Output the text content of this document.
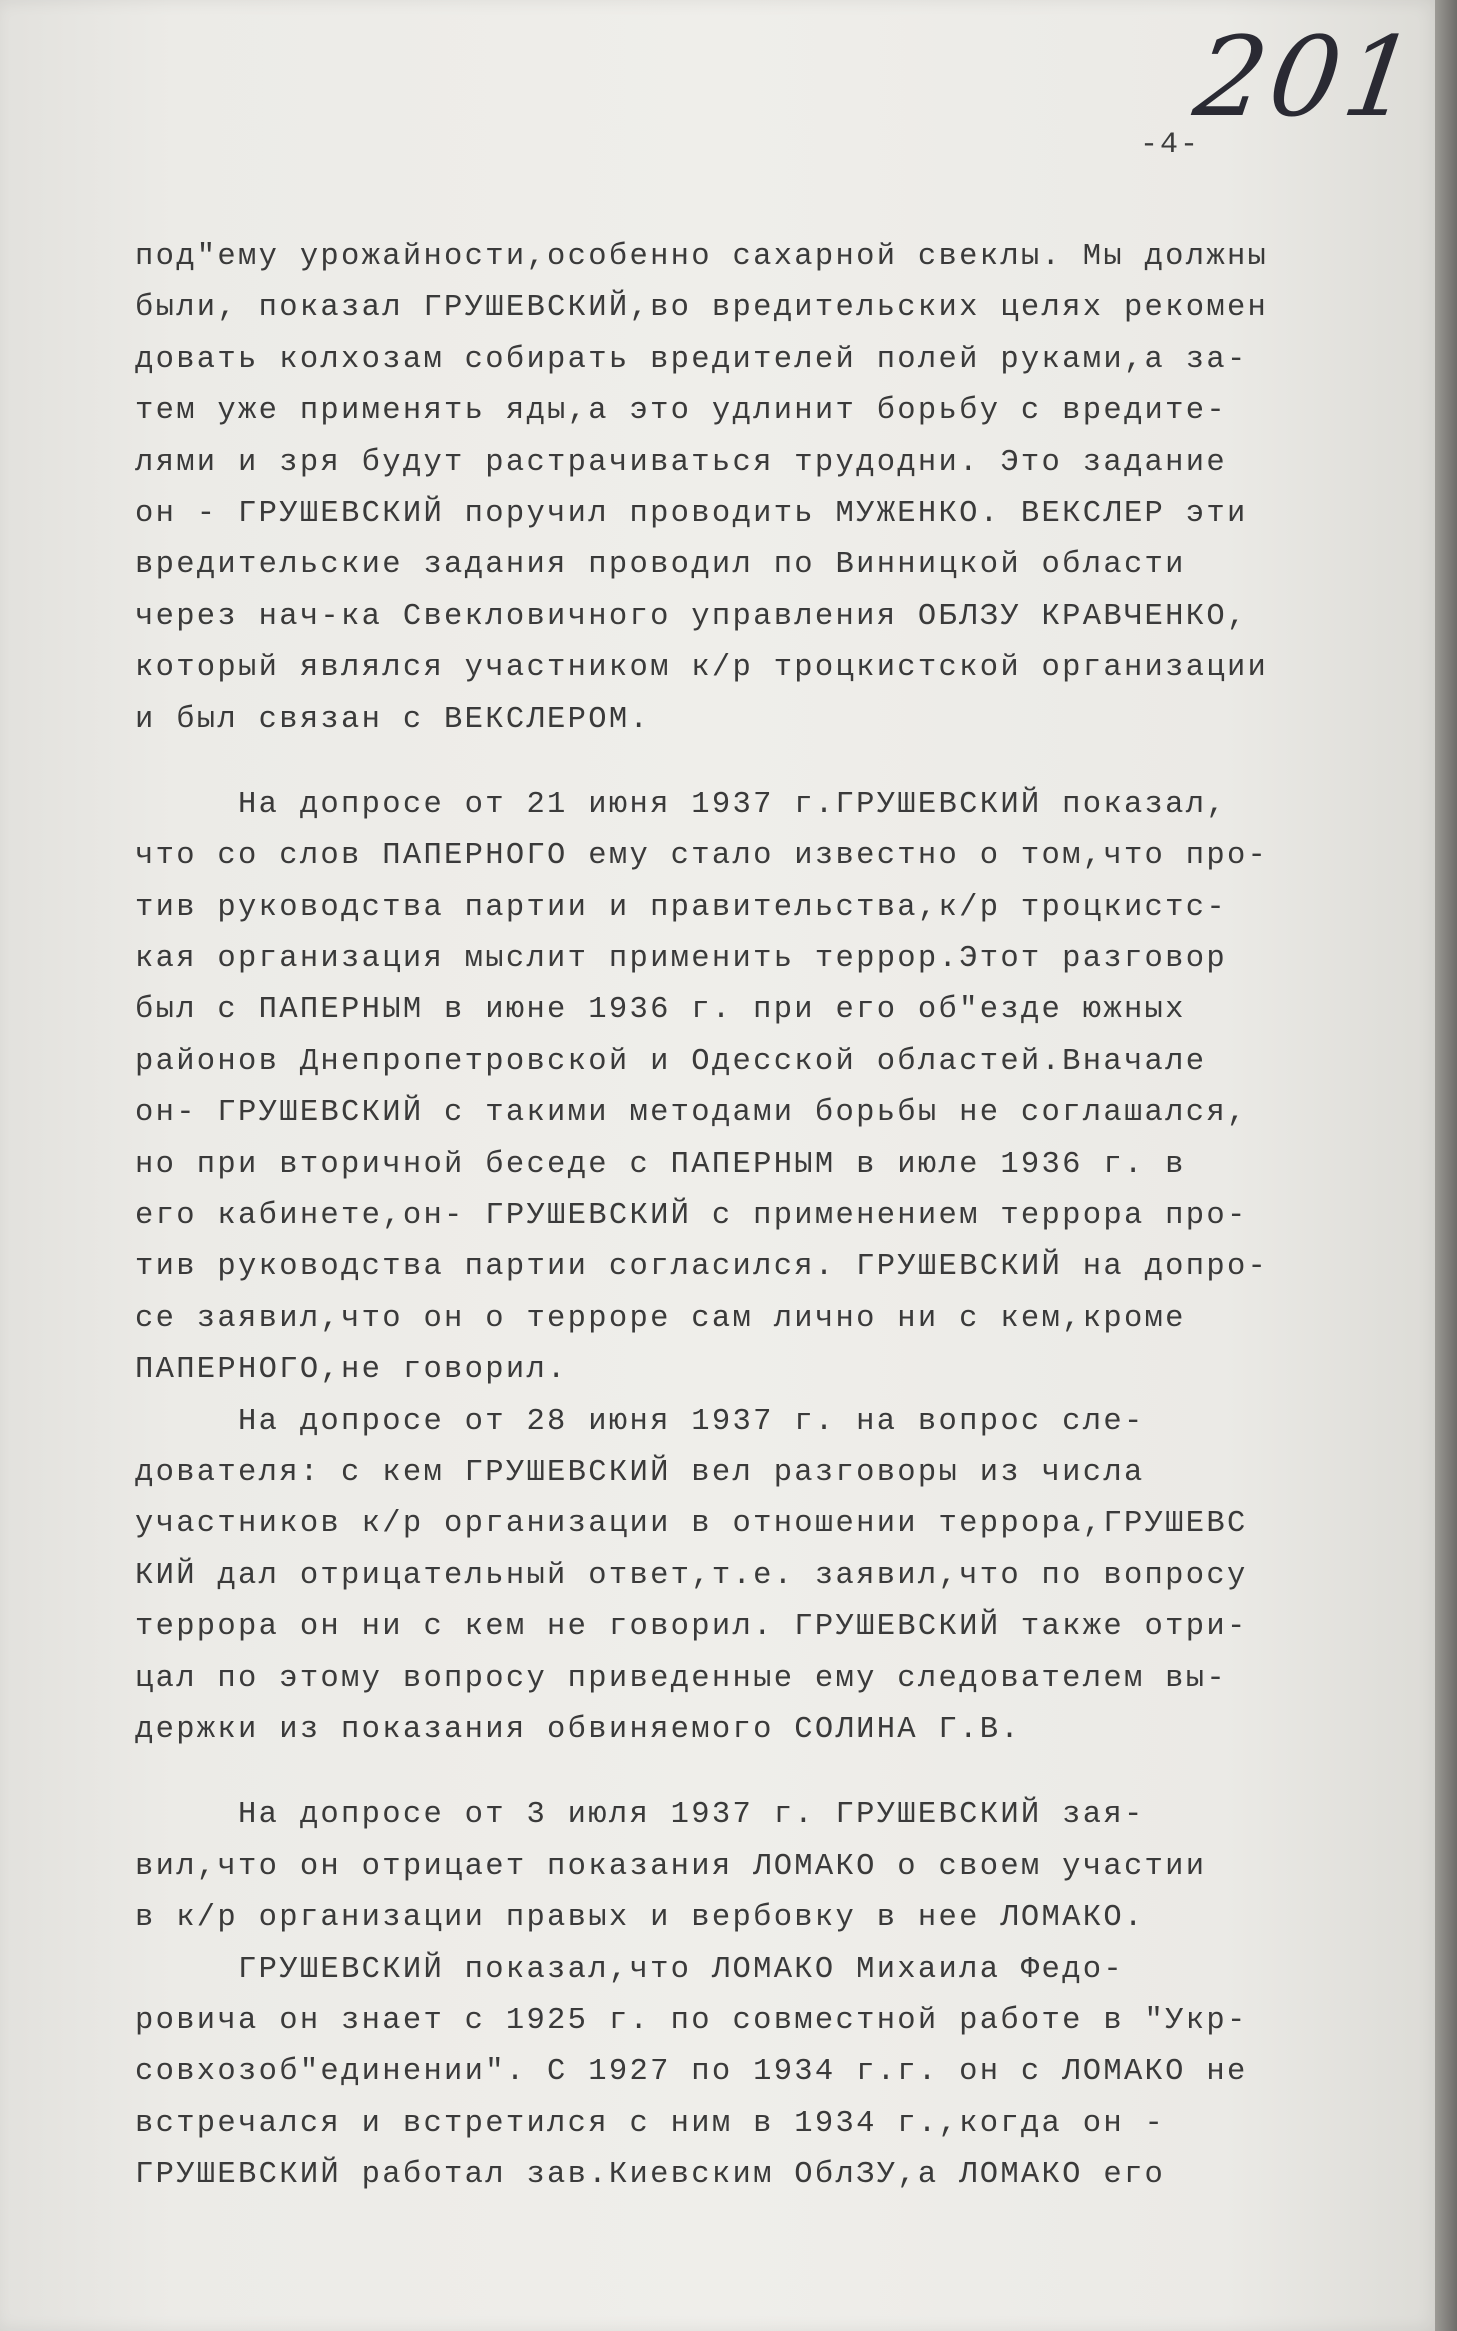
201
-4-
под"ему урожайности,особенно сахарной свеклы. Мы должны
были, показал ГРУШЕВСКИЙ,во вредительских целях рекомен
довать колхозам собирать вредителей полей руками,а за-
тем уже применять яды,а это удлинит борьбу с вредите-
лями и зря будут растрачиваться трудодни. Это задание
он - ГРУШЕВСКИЙ поручил проводить МУЖЕНКО. ВЕКСЛЕР эти
вредительские задания проводил по Винницкой области
через нач-ка Свекловичного управления ОБЛЗУ КРАВЧЕНКО,
который являлся участником к/р троцкистской организации
и был связан с ВЕКСЛЕРОМ.
На допросе от 21 июня 1937 г.ГРУШЕВСКИЙ показал,
что со слов ПАПЕРНОГО ему стало известно о том,что про-
тив руководства партии и правительства,к/р троцкистс-
кая организация мыслит применить террор.Этот разговор
был с ПАПЕРНЫМ в июне 1936 г. при его об"езде южных
районов Днепропетровской и Одесской областей.Вначале
он- ГРУШЕВСКИЙ с такими методами борьбы не соглашался,
но при вторичной беседе с ПАПЕРНЫМ в июле 1936 г. в
его кабинете,он- ГРУШЕВСКИЙ с применением террора про-
тив руководства партии согласился. ГРУШЕВСКИЙ на допро-
се заявил,что он о терроре сам лично ни с кем,кроме
ПАПЕРНОГО,не говорил.
На допросе от 28 июня 1937 г. на вопрос сле-
дователя: с кем ГРУШЕВСКИЙ вел разговоры из числа
участников к/р организации в отношении террора,ГРУШЕВС
КИЙ дал отрицательный ответ,т.е. заявил,что по вопросу
террора он ни с кем не говорил. ГРУШЕВСКИЙ также отри-
цал по этому вопросу приведенные ему следователем вы-
держки из показания обвиняемого СОЛИНА Г.В.
На допросе от 3 июля 1937 г. ГРУШЕВСКИЙ зая-
вил,что он отрицает показания ЛОМАКО о своем участии
в к/р организации правых и вербовку в нее ЛОМАКО.
ГРУШЕВСКИЙ показал,что ЛОМАКО Михаила Федо-
ровича он знает с 1925 г. по совместной работе в "Укр-
совхозоб"единении". С 1927 по 1934 г.г. он с ЛОМАКО не
встречался и встретился с ним в 1934 г.,когда он -
ГРУШЕВСКИЙ работал зав.Киевским ОблЗУ,а ЛОМАКО его
